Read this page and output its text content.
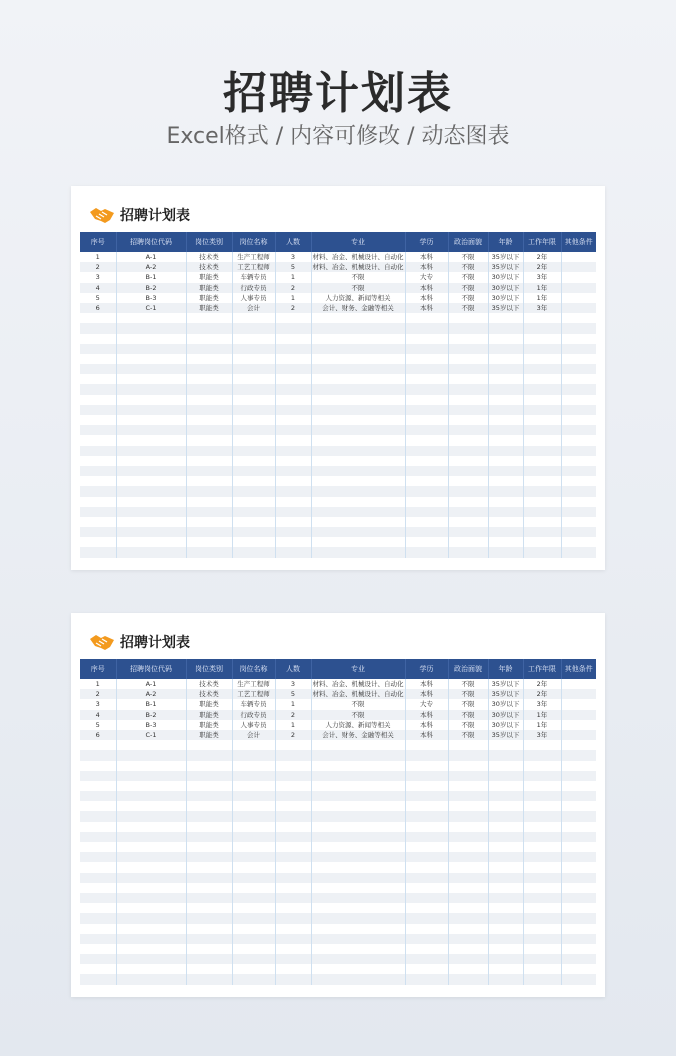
招聘计划表
Excel格式 / 内容可修改 / 动态图表
招聘计划表
序号	招聘岗位代码	岗位类别	岗位名称	人数	专业	学历	政治面貌	年龄	工作年限	其他条件
1	A-1	技术类	生产工程师	3	材料、冶金、机械设计、自动化	本科	不限	35岁以下	2年	
2	A-2	技术类	工艺工程师	5	材料、冶金、机械设计、自动化	本科	不限	35岁以下	2年	
3	B-1	职能类	车辆专员	1	不限	大专	不限	30岁以下	3年	
4	B-2	职能类	行政专员	2	不限	本科	不限	30岁以下	1年	
5	B-3	职能类	人事专员	1	人力资源、新闻等相关	本科	不限	30岁以下	1年	
6	C-1	职能类	会计	2	会计、财务、金融等相关	本科	不限	35岁以下	3年	

招聘计划表
序号	招聘岗位代码	岗位类别	岗位名称	人数	专业	学历	政治面貌	年龄	工作年限	其他条件
1	A-1	技术类	生产工程师	3	材料、冶金、机械设计、自动化	本科	不限	35岁以下	2年	
2	A-2	技术类	工艺工程师	5	材料、冶金、机械设计、自动化	本科	不限	35岁以下	2年	
3	B-1	职能类	车辆专员	1	不限	大专	不限	30岁以下	3年	
4	B-2	职能类	行政专员	2	不限	本科	不限	30岁以下	1年	
5	B-3	职能类	人事专员	1	人力资源、新闻等相关	本科	不限	30岁以下	1年	
6	C-1	职能类	会计	2	会计、财务、金融等相关	本科	不限	35岁以下	3年	
